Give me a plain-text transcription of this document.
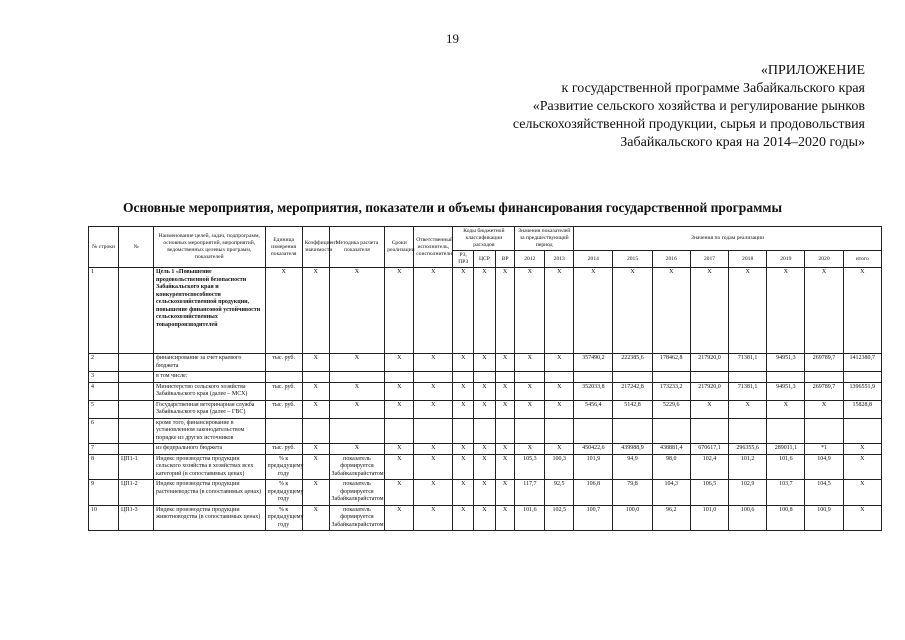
19
«ПРИЛОЖЕНИЕ
к государственной программе Забайкальского края
«Развитие сельского хозяйства и регулирование рынков
сельскохозяйственной продукции, сырья и продовольствия
Забайкальского края на 2014–2020 годы»
Основные мероприятия, мероприятия, показатели и объемы финансирования государственной программы
№ строки	№	Наименование целей, задач, подпрограмм, основных мероприятий, мероприятий, ведомственных целевых программ, показателей	Единица измерения показателя	Коэффициент значимости	Методика расчета показателя	Сроки реализации	Ответственный исполнитель, соисполнители	Коды бюджетной классификации расходов			Значения показателей за предшествующий период		Значения по годам реализации							
								РЗ, ПРЗ	ЦСР	ВР	2012	2013	2014	2015	2016	2017	2018	2019	2020	итого
1		Цель 1 «Повышение продовольственной безопасности Забайкальского края и конкурентоспособности сельскохозяйственной продукции, повышение финансовой устойчивости сельскохозяйственных товаропроизводителей	X	X	X	X	X	X	X	X	X	X	X	X	X	X	X	X	X	X
2		финансирование за счет краевого бюджета	тыс. руб.	X	X	X	X	X	X	X	X	X	357490,2	222385,6	178462,8	217920,0	71381,1	94951,3	269789,7	1412380,7
3		в том числе:																		
4		Министерство сельского хозяйства Забайкальского края (далее – МСХ)	тыс. руб.	X	X	X	X	X	X	X	X	X	352033,8	217242,8	173233,2	217920,0	71381,1	94951,3	269789,7	1396551,9
5		Государственная ветеринарная служба Забайкальского края (далее – ГВС)	тыс. руб.	X	X	X	X	X	X	X	X	X	5456,4	5142,8	5229,6	X	X	X	X	15828,8
6		кроме того, финансирование в установленном законодательством порядке из других источников																		
7		из федерального бюджета	тыс. руб.	X	X	X	X	X	X	X	X	X	450422,6	439988,9	438881,4	670617,1	296355,6	289011,1	*1	X
8	ЦП1-1	Индекс производства продукции сельского хозяйства в хозяйствах всех категорий (в сопоставимых ценах)	% к предыдущему году	X	показатель формируется Забайкалкрайстатом	X	X	X	X	X	105,3	100,3	101,9	94,9	98,0	102,4	101,2	101,6	104,9	X
9	ЦП1-2	Индекс производства продукции растениеводства (в сопоставимых ценах)	% к предыдущему году	X	показатель формируется Забайкалкрайстатом	X	X	X	X	X	117,7	92,5	106,8	79,8	104,3	106,5	102,9	103,7	104,5	X
10	ЦП1-3	Индекс производства продукции животноводства (в сопоставимых ценах)	% к предыдущему году	X	показатель формируется Забайкалкрайстатом	X	X	X	X	X	101,6	102,5	100,7	100,0	96,2	101,0	100,6	100,8	100,9	X
